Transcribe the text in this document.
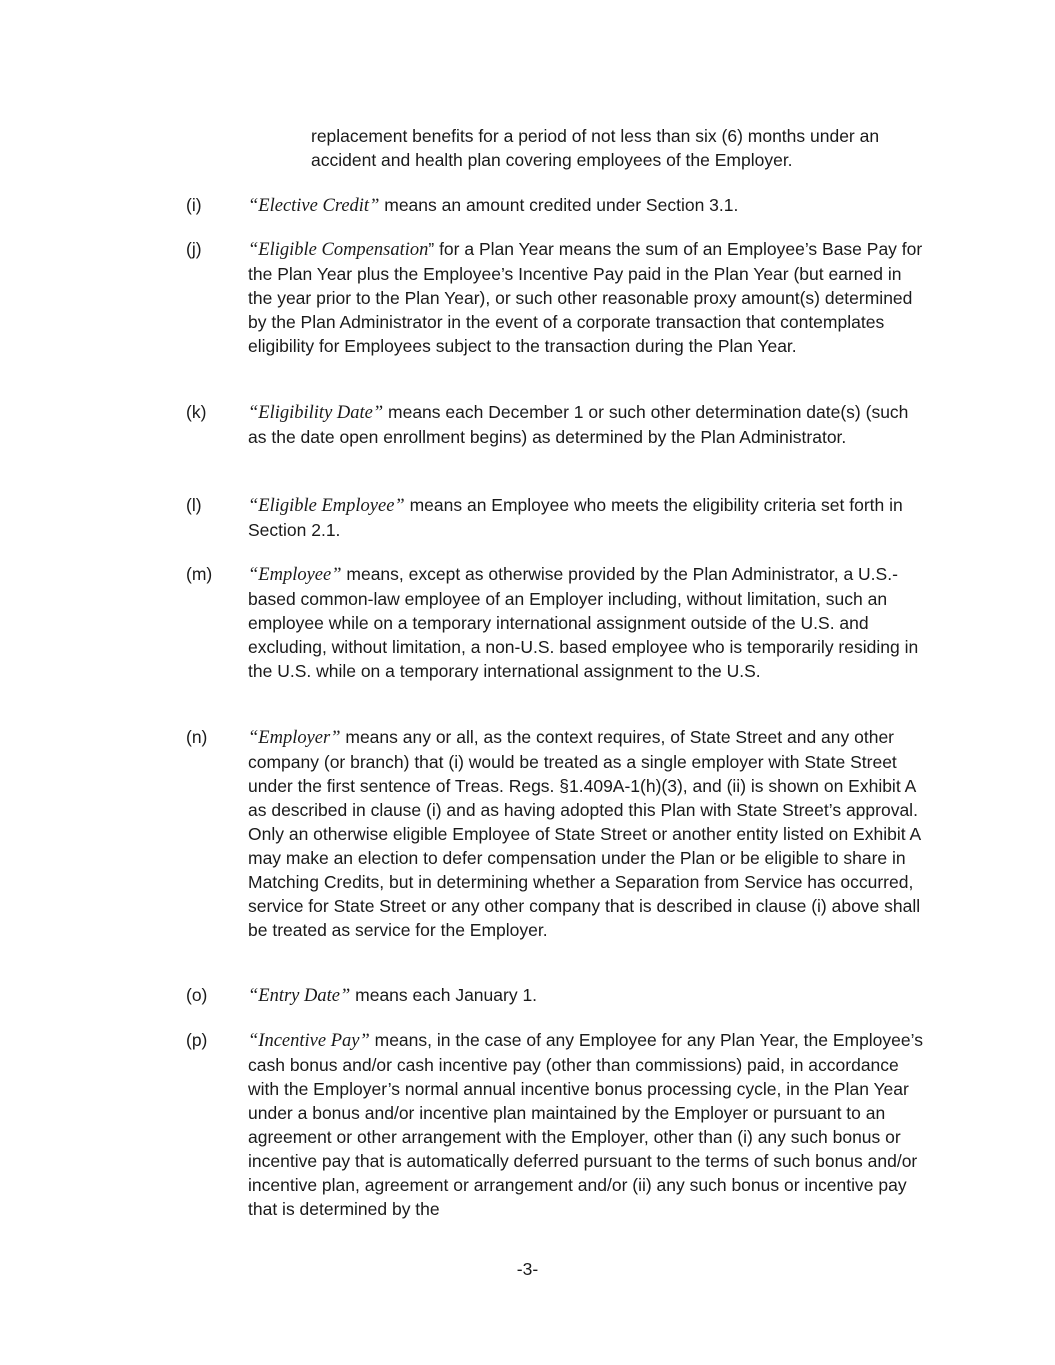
replacement benefits for a period of not less than six (6) months under an accident and health plan covering employees of the Employer.
(i)	“Elective Credit” means an amount credited under Section 3.1.
(j)	“Eligible Compensation” for a Plan Year means the sum of an Employee’s Base Pay for the Plan Year plus the Employee’s Incentive Pay paid in the Plan Year (but earned in the year prior to the Plan Year), or such other reasonable proxy amount(s) determined by the Plan Administrator in the event of a corporate transaction that contemplates eligibility for Employees subject to the transaction during the Plan Year.
(k) “Eligibility Date” means each December 1 or such other determination date(s) (such as the date open enrollment begins) as determined by the Plan Administrator.
(l)	“Eligible Employee” means an Employee who meets the eligibility criteria set forth in Section 2.1.
(m) “Employee” means, except as otherwise provided by the Plan Administrator, a U.S.-based common-law employee of an Employer including, without limitation, such an employee while on a temporary international assignment outside of the U.S. and excluding, without limitation, a non-U.S. based employee who is temporarily residing in the U.S. while on a temporary international assignment to the U.S.
(n) “Employer” means any or all, as the context requires, of State Street and any other company (or branch) that (i) would be treated as a single employer with State Street under the first sentence of Treas. Regs. §1.409A-1(h)(3), and (ii) is shown on Exhibit A as described in clause (i) and as having adopted this Plan with State Street’s approval. Only an otherwise eligible Employee of State Street or another entity listed on Exhibit A may make an election to defer compensation under the Plan or be eligible to share in Matching Credits, but in determining whether a Separation from Service has occurred, service for State Street or any other company that is described in clause (i) above shall be treated as service for the Employer.
(o) “Entry Date” means each January 1.
(p) “Incentive Pay” means, in the case of any Employee for any Plan Year, the Employee’s cash bonus and/or cash incentive pay (other than commissions) paid, in accordance with the Employer’s normal annual incentive bonus processing cycle, in the Plan Year under a bonus and/or incentive plan maintained by the Employer or pursuant to an agreement or other arrangement with the Employer, other than (i) any such bonus or incentive pay that is automatically deferred pursuant to the terms of such bonus and/or incentive plan, agreement or arrangement and/or (ii) any such bonus or incentive pay that is determined by the
-3-
